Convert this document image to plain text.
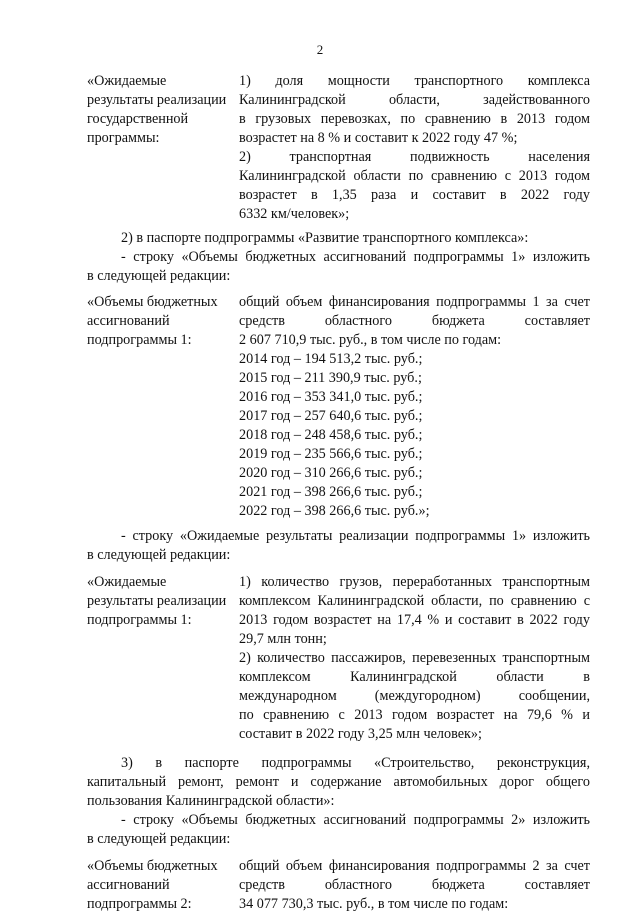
2
«Ожидаемые
результаты реализации
государственной
программы:
1) доля мощности транспортного комплекса
Калининградской области, задействованного
в грузовых перевозках, по сравнению в 2013 годом
возрастет на 8 % и составит к 2022 году 47 %;
2) транспортная подвижность населения
Калининградской области по сравнению с 2013 годом
возрастет в 1,35 раза и составит в 2022 году
6332 км/человек»;
2) в паспорте подпрограммы «Развитие транспортного комплекса»:
- строку «Объемы бюджетных ассигнований подпрограммы 1» изложить
в следующей редакции:
«Объемы бюджетных
ассигнований
подпрограммы 1:
общий объем финансирования подпрограммы 1 за счет
средств областного бюджета составляет
2 607 710,9 тыс. руб., в том числе по годам:
2014 год – 194 513,2 тыс. руб.;
2015 год – 211 390,9 тыс. руб.;
2016 год – 353 341,0 тыс. руб.;
2017 год – 257 640,6 тыс. руб.;
2018 год – 248 458,6 тыс. руб.;
2019 год – 235 566,6 тыс. руб.;
2020 год – 310 266,6 тыс. руб.;
2021 год – 398 266,6 тыс. руб.;
2022 год – 398 266,6 тыс. руб.»;
- строку «Ожидаемые результаты реализации подпрограммы 1» изложить
в следующей редакции:
«Ожидаемые
результаты реализации
подпрограммы 1:
1) количество грузов, переработанных транспортным
комплексом Калининградской области, по сравнению с
2013 годом возрастет на 17,4 % и составит в 2022 году
29,7 млн тонн;
2) количество пассажиров, перевезенных транспортным
комплексом Калининградской области в
международном (междугородном) сообщении,
по сравнению с 2013 годом возрастет на 79,6 % и
составит в 2022 году 3,25 млн человек»;
3) в паспорте подпрограммы «Строительство, реконструкция,
капитальный ремонт, ремонт и содержание автомобильных дорог общего
пользования Калининградской области»:
- строку «Объемы бюджетных ассигнований подпрограммы 2» изложить
в следующей редакции:
«Объемы бюджетных
ассигнований
подпрограммы 2:
общий объем финансирования подпрограммы 2 за счет
средств областного бюджета составляет
34 077 730,3 тыс. руб., в том числе по годам:
